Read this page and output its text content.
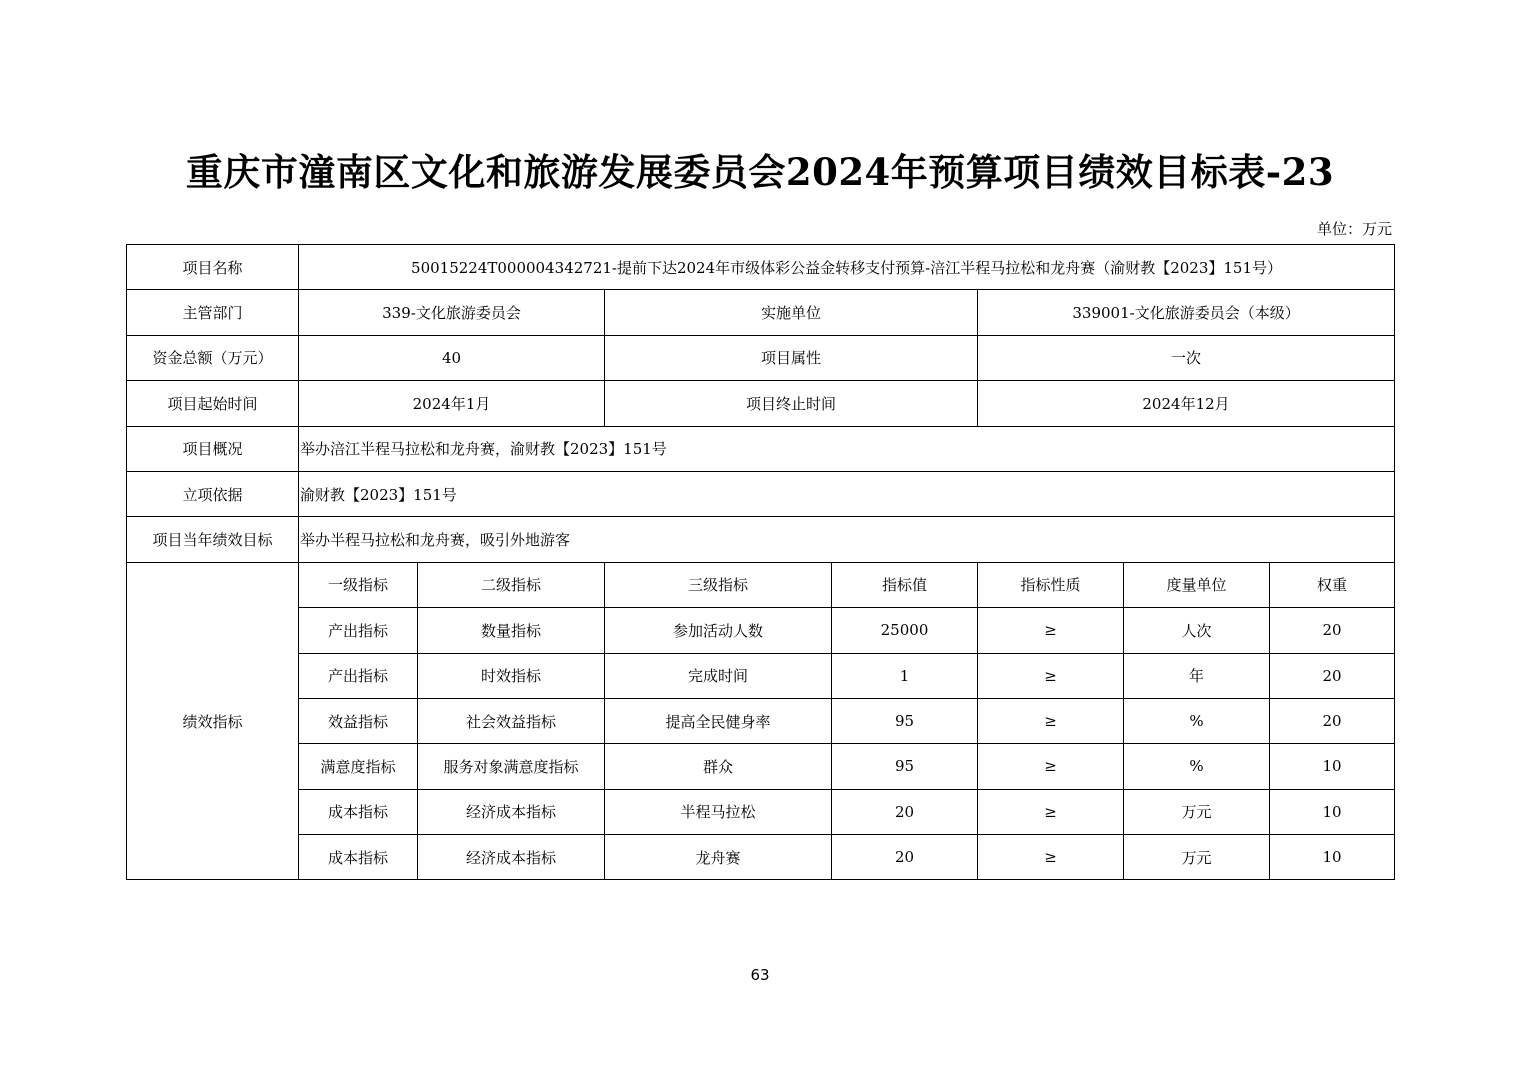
重庆市潼南区文化和旅游发展委员会2024年预算项目绩效目标表-23
单位：万元
项目名称	50015224T000004342721-提前下达2024年市级体彩公益金转移支付预算-涪江半程马拉松和龙舟赛（渝财教【2023】151号）						
主管部门	339-文化旅游委员会		实施单位		339001-文化旅游委员会（本级）		
资金总额（万元）	40		项目属性		一次		
项目起始时间	2024年1月		项目终止时间		2024年12月		
项目概况	举办涪江半程马拉松和龙舟赛，渝财教【2023】151号						
立项依据	渝财教【2023】151号						
项目当年绩效目标	举办半程马拉松和龙舟赛，吸引外地游客						
绩效指标	一级指标	二级指标	三级指标	指标值	指标性质	度量单位	权重
	产出指标	数量指标	参加活动人数	25000	≥	人次	20
	产出指标	时效指标	完成时间	1	≥	年	20
	效益指标	社会效益指标	提高全民健身率	95	≥	%	20
	满意度指标	服务对象满意度指标	群众	95	≥	%	10
	成本指标	经济成本指标	半程马拉松	20	≥	万元	10
	成本指标	经济成本指标	龙舟赛	20	≥	万元	10
63
